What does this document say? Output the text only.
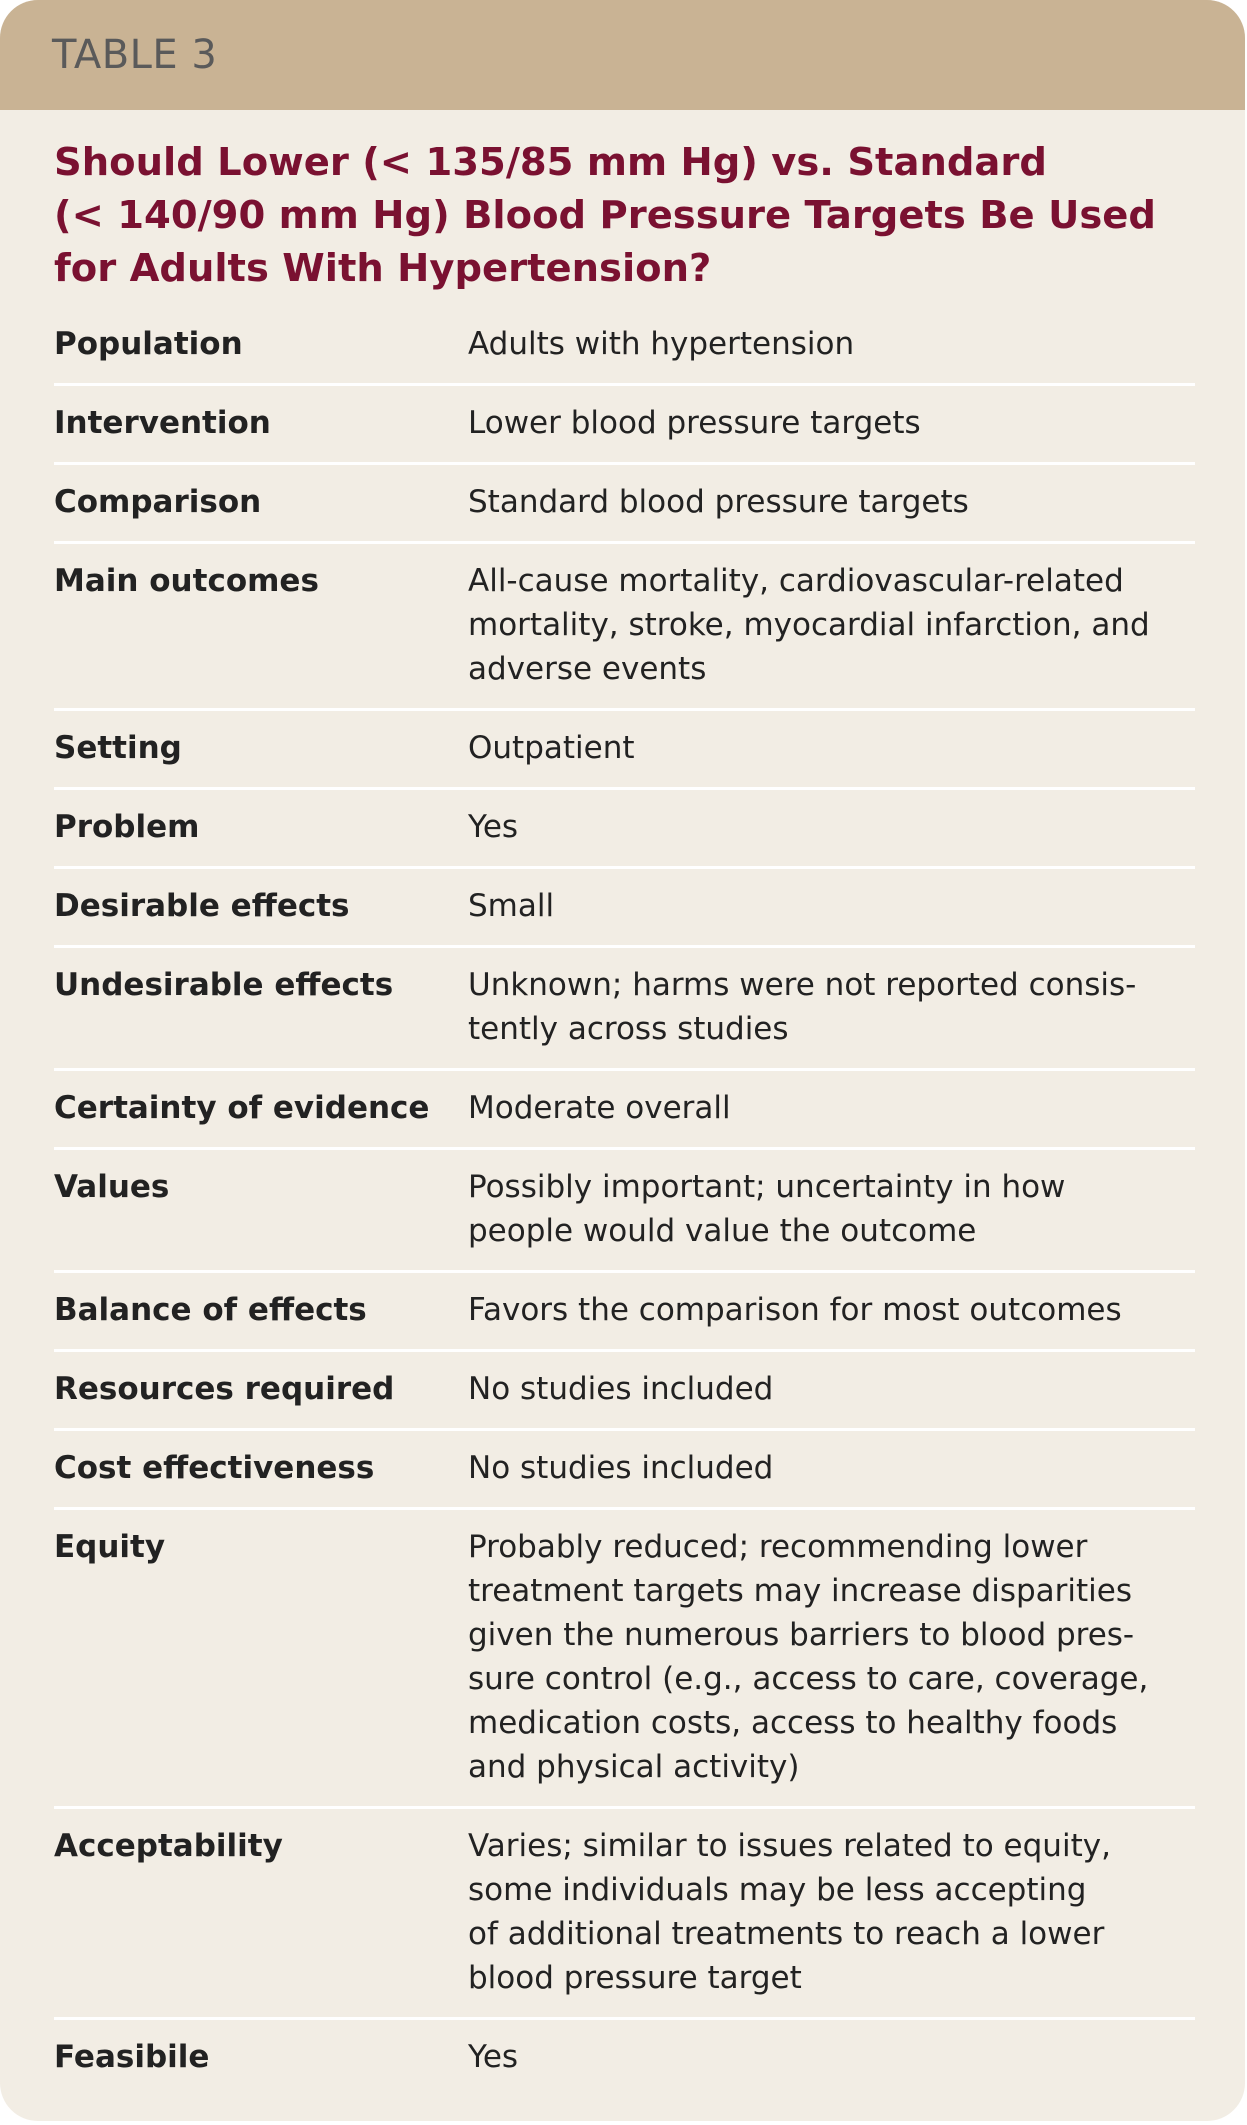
TABLE 3
Should Lower (< 135/85 mm Hg) vs. Standard
(< 140/90 mm Hg) Blood Pressure Targets Be Used
for Adults With Hypertension?
Population	Adults with hypertension
Intervention	Lower blood pressure targets
Comparison	Standard blood pressure targets
Main outcomes	All-cause mortality, cardiovascular-related
mortality, stroke, myocardial infarction, and
adverse events
Setting	Outpatient
Problem	Yes
Desirable effects	Small
Undesirable effects	Unknown; harms were not reported consis-
tently across studies
Certainty of evidence	Moderate overall
Values	Possibly important; uncertainty in how
people would value the outcome
Balance of effects	Favors the comparison for most outcomes
Resources required	No studies included
Cost effectiveness	No studies included
Equity	Probably reduced; recommending lower
treatment targets may increase disparities
given the numerous barriers to blood pres-
sure control (e.g., access to care, coverage,
medication costs, access to healthy foods
and physical activity)
Acceptability	Varies; similar to issues related to equity,
some individuals may be less accepting
of additional treatments to reach a lower
blood pressure target
Feasibile	Yes
